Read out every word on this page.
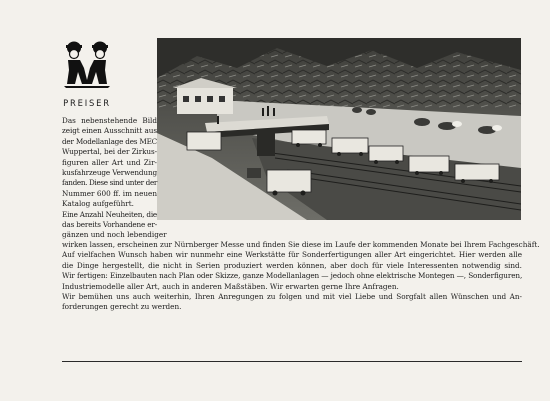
PREISER
Das nebenstehende Bild
zeigt einen Ausschnitt aus
der Modellanlage des MEC
Wuppertal, bei der Zirkus-
figuren aller Art und Zir-
kusfahrzeuge Verwendung
fanden. Diese sind unter der
Nummer 600 ff. im neuen
Katalog aufgeführt.
Eine Anzahl Neuheiten, die
das bereits Vorhandene er-
gänzen und noch lebendiger
wirken lassen, erscheinen zur Nürnberger Messe und finden Sie diese im Laufe der kommenden Monate bei Ihrem Fachgeschäft.
Auf vielfachen Wunsch haben wir nunmehr eine Werkstätte für Sonderfertigungen aller Art eingerichtet. Hier werden alle
die Dinge hergestellt, die nicht in Serien produziert werden können, aber doch für viele Interessenten notwendig sind.
Wir fertigen: Einzelbauten nach Plan oder Skizze, ganze Modellanlagen — jedoch ohne elektrische Montegen —, Sonderfiguren,
Industriemodelle aller Art, auch in anderen Maßstäben. Wir erwarten gerne Ihre Anfragen.
Wir bemühen uns auch weiterhin, Ihren Anregungen zu folgen und mit viel Liebe und Sorgfalt allen Wünschen und An-
forderungen gerecht zu werden.
